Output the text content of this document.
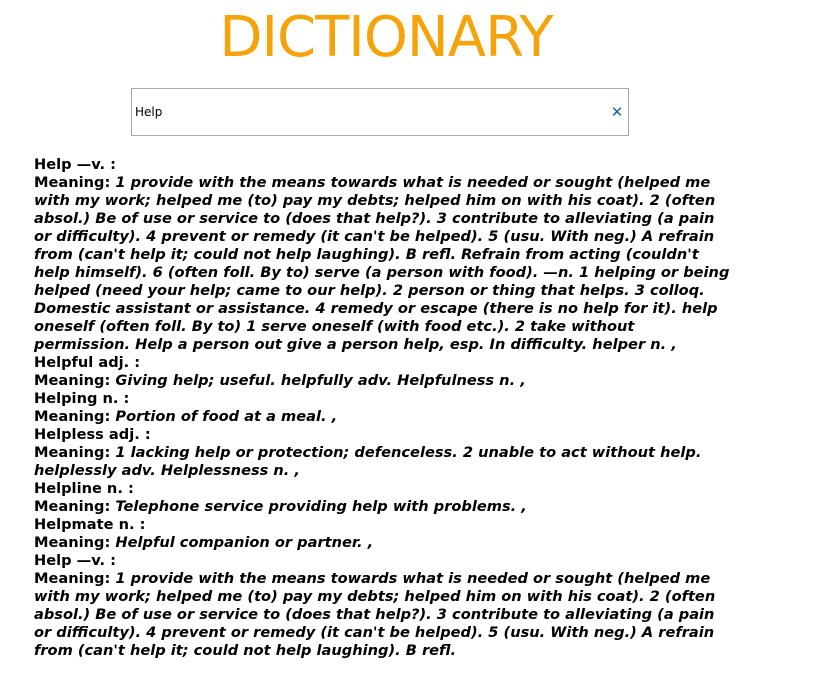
DICTIONARY
Help
✕
Help —v. :
Meaning: 1 provide with the means towards what is needed or sought (helped me with my work; helped me (to) pay my debts; helped him on with his coat). 2 (often absol.) Be of use or service to (does that help?). 3 contribute to alleviating (a pain or difficulty). 4 prevent or remedy (it can't be helped). 5 (usu. With neg.) A refrain from (can't help it; could not help laughing). B refl. Refrain from acting (couldn't help himself). 6 (often foll. By to) serve (a person with food). —n. 1 helping or being helped (need your help; came to our help). 2 person or thing that helps. 3 colloq. Domestic assistant or assistance. 4 remedy or escape (there is no help for it). help oneself (often foll. By to) 1 serve oneself (with food etc.). 2 take without permission. Help a person out give a person help, esp. In difficulty. helper n. ,
Helpful adj. :
Meaning: Giving help; useful. helpfully adv. Helpfulness n. ,
Helping n. :
Meaning: Portion of food at a meal. ,
Helpless adj. :
Meaning: 1 lacking help or protection; defenceless. 2 unable to act without help. helplessly adv. Helplessness n. ,
Helpline n. :
Meaning: Telephone service providing help with problems. ,
Helpmate n. :
Meaning: Helpful companion or partner. ,
Help —v. :
Meaning: 1 provide with the means towards what is needed or sought (helped me with my work; helped me (to) pay my debts; helped him on with his coat). 2 (often absol.) Be of use or service to (does that help?). 3 contribute to alleviating (a pain or difficulty). 4 prevent or remedy (it can't be helped). 5 (usu. With neg.) A refrain from (can't help it; could not help laughing). B refl.
